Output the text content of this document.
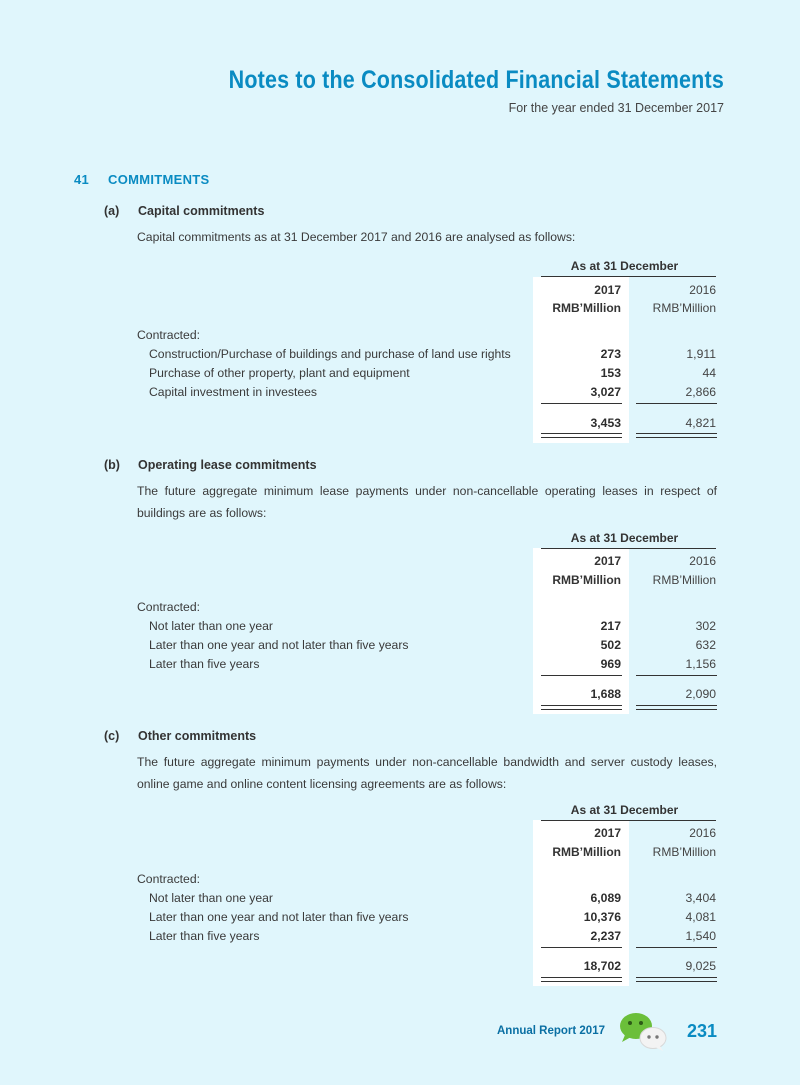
Notes to the Consolidated Financial Statements
For the year ended 31 December 2017
41 COMMITMENTS
(a) Capital commitments
Capital commitments as at 31 December 2017 and 2016 are analysed as follows:
As at 31 December
2017	2016
RMB’Million	RMB’Million
Contracted:
Construction/Purchase of buildings and purchase of land use rights	273	1,911
Purchase of other property, plant and equipment	153	44
Capital investment in investees	3,027	2,866
3,453	4,821
(b) Operating lease commitments
The future aggregate minimum lease payments under non-cancellable operating leases in respect of buildings are as follows:
As at 31 December
2017	2016
RMB’Million	RMB’Million
Contracted:
Not later than one year	217	302
Later than one year and not later than five years	502	632
Later than five years	969	1,156
1,688	2,090
(c) Other commitments
The future aggregate minimum payments under non-cancellable bandwidth and server custody leases, online game and online content licensing agreements are as follows:
As at 31 December
2017	2016
RMB’Million	RMB’Million
Contracted:
Not later than one year	6,089	3,404
Later than one year and not later than five years	10,376	4,081
Later than five years	2,237	1,540
18,702	9,025
Annual Report 2017	231
